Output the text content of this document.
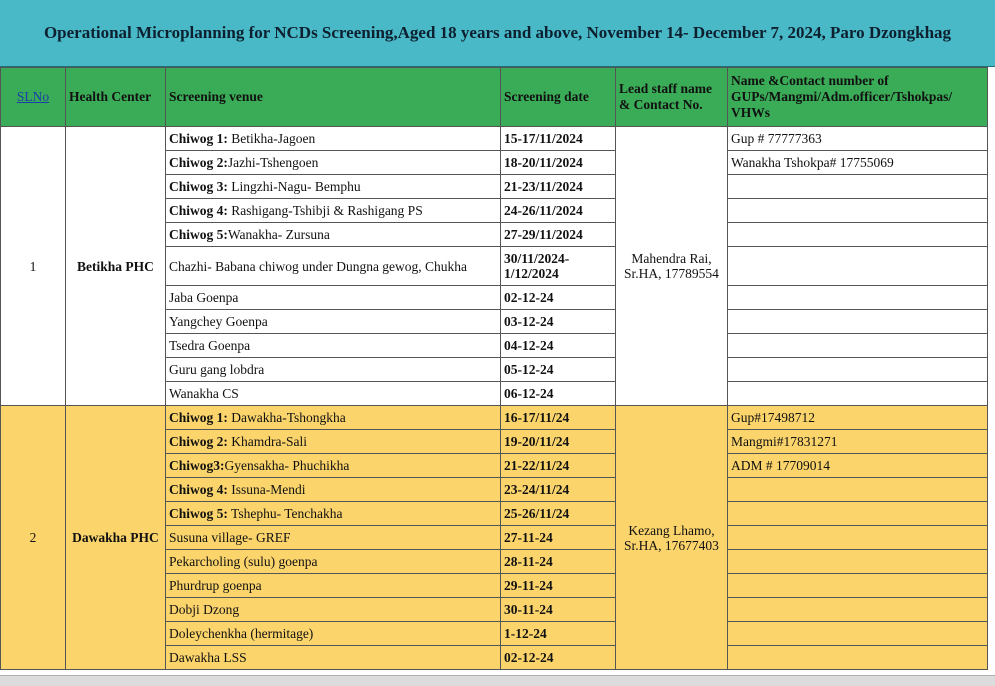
Operational Microplanning for NCDs Screening,Aged 18 years and above, November 14- December 7, 2024, Paro Dzongkhag
SLNo	Health Center	Screening venue	Screening date	Lead staff name & Contact No.	Name &Contact number of GUPs/Mangmi/Adm.officer/Tshokpas/ VHWs
1	Betikha PHC	Chiwog 1: Betikha-Jagoen	15-17/11/2024	Mahendra Rai, Sr.HA, 17789554	Gup # 77777363
		Chiwog 2:Jazhi-Tshengoen	18-20/11/2024		Wanakha Tshokpa# 17755069
		Chiwog 3: Lingzhi-Nagu- Bemphu	21-23/11/2024		
		Chiwog 4: Rashigang-Tshibji & Rashigang PS	24-26/11/2024		
		Chiwog 5:Wanakha- Zursuna	27-29/11/2024		
		Chazhi- Babana chiwog under Dungna gewog, Chukha	30/11/2024- 1/12/2024		
		Jaba Goenpa	02-12-24		
		Yangchey Goenpa	03-12-24		
		Tsedra Goenpa	04-12-24		
		Guru gang lobdra	05-12-24		
		Wanakha CS	06-12-24		
2	Dawakha PHC	Chiwog 1: Dawakha-Tshongkha	16-17/11/24	Kezang Lhamo, Sr.HA, 17677403	Gup#17498712
		Chiwog 2: Khamdra-Sali	19-20/11/24		Mangmi#17831271
		Chiwog3:Gyensakha- Phuchikha	21-22/11/24		ADM # 17709014
		Chiwog 4: Issuna-Mendi	23-24/11/24		
		Chiwog 5: Tshephu- Tenchakha	25-26/11/24		
		Susuna village- GREF	27-11-24		
		Pekarcholing (sulu) goenpa	28-11-24		
		Phurdrup goenpa	29-11-24		
		Dobji Dzong	30-11-24		
		Doleychenkha (hermitage)	1-12-24		
		Dawakha LSS	02-12-24		
